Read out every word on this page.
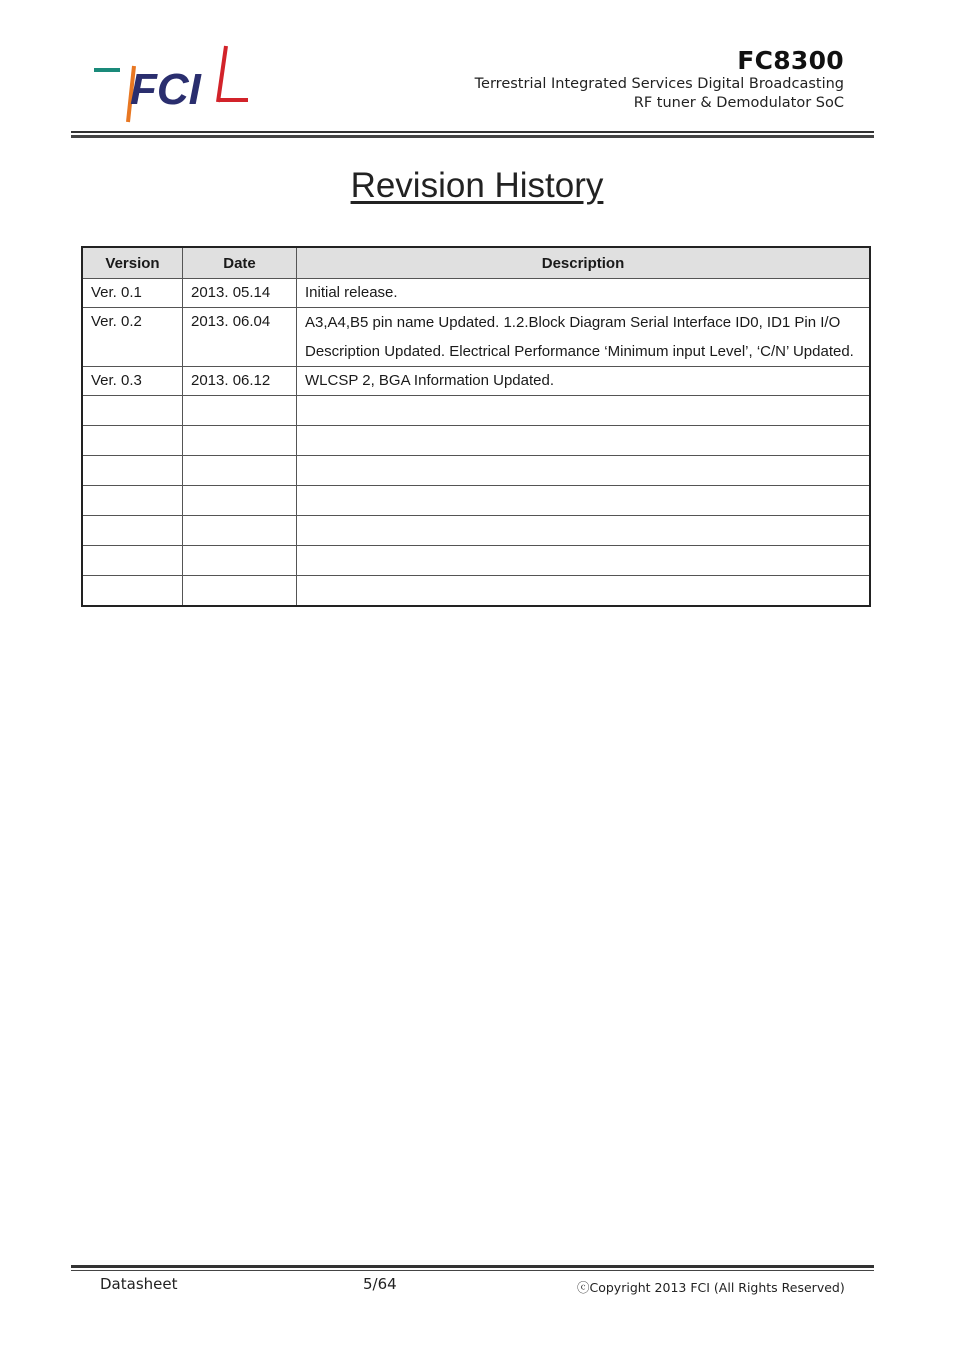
FCI
FC8300
Terrestrial Integrated Services Digital Broadcasting
RF tuner & Demodulator SoC
Revision History
Version	Date	Description
Ver. 0.1	2013. 05.14	Initial release.
Ver. 0.2	2013. 06.04	A3,A4,B5 pin name Updated. 1.2.Block Diagram Serial Interface ID0, ID1 Pin I/O Description Updated. Electrical Performance ‘Minimum input Level’, ‘C/N’ Updated.
Ver. 0.3	2013. 06.12	WLCSP 2, BGA Information Updated.

Datasheet	5/64	ⓒCopyright 2013 FCI (All Rights Reserved)
